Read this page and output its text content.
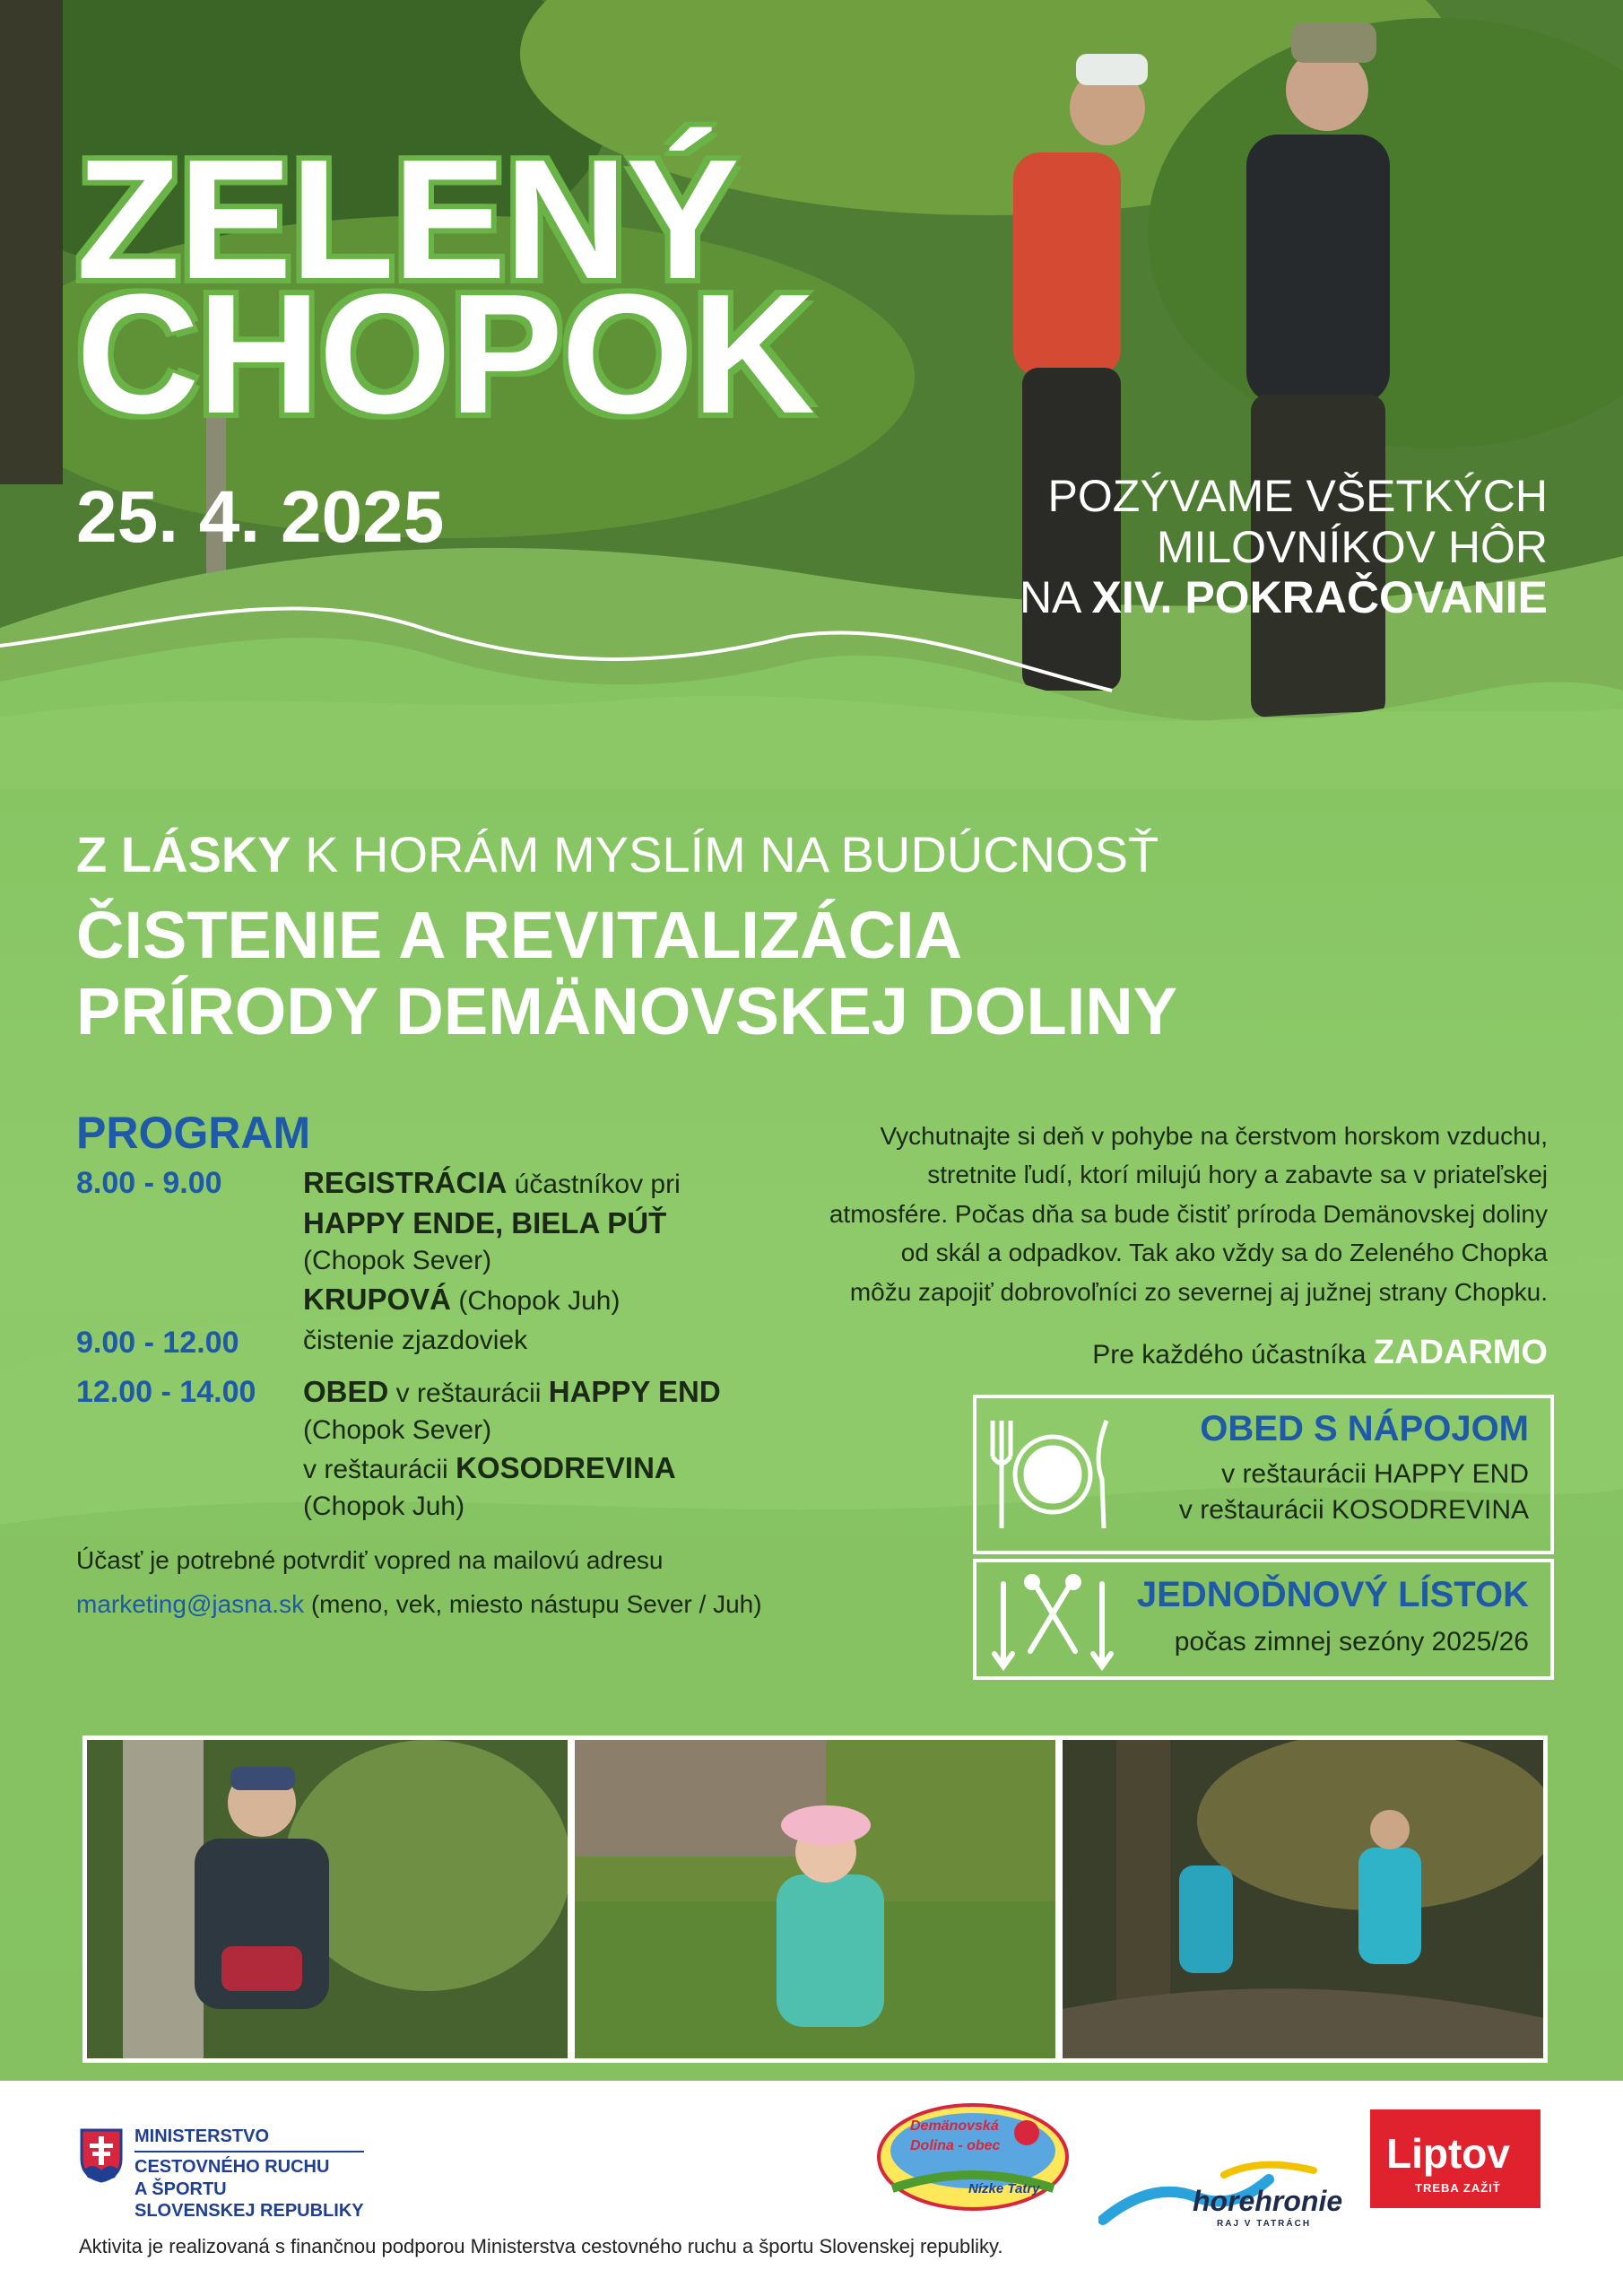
ZELENÝ
CHOPOK
25. 4. 2025	POZÝVAME VŠETKÝCH
MILOVNÍKOV HÔR
NA XIV. POKRAČOVANIE
Z LÁSKY K HORÁM MYSLÍM NA BUDÚCNOSŤ
ČISTENIE A REVITALIZÁCIA
PRÍRODY DEMÄNOVSKEJ DOLINY
PROGRAM
8.00 - 9.00	REGISTRÁCIA účastníkov pri
HAPPY ENDE, BIELA PÚŤ
(Chopok Sever)
KRUPOVÁ (Chopok Juh)
9.00 - 12.00	čistenie zjazdoviek
12.00 - 14.00	OBED v reštaurácii HAPPY END
(Chopok Sever)
v reštaurácii KOSODREVINA
(Chopok Juh)
Účasť je potrebné potvrdiť vopred na mailovú adresu
marketing@jasna.sk (meno, vek, miesto nástupu Sever / Juh)
Vychutnajte si deň v pohybe na čerstvom horskom vzduchu,
stretnite ľudí, ktorí milujú hory a zabavte sa v priateľskej
atmosfére. Počas dňa sa bude čistiť príroda Demänovskej doliny
od skál a odpadkov. Tak ako vždy sa do Zeleného Chopka
môžu zapojiť dobrovoľníci zo severnej aj južnej strany Chopku.
Pre každého účastníka ZADARMO
OBED S NÁPOJOM
v reštaurácii HAPPY END
v reštaurácii KOSODREVINA
JEDNOĎNOVÝ LÍSTOK
počas zimnej sezóny 2025/26
MINISTERSTVO
CESTOVNÉHO RUCHU
A ŠPORTU
SLOVENSKEJ REPUBLIKY
Demänovská
Dolina - obec
Nízke Tatry	horehronie
RAJ V TATRÁCH
Liptov
TREBA ZAŽIŤ
Aktivita je realizovaná s finančnou podporou Ministerstva cestovného ruchu a športu Slovenskej republiky.
